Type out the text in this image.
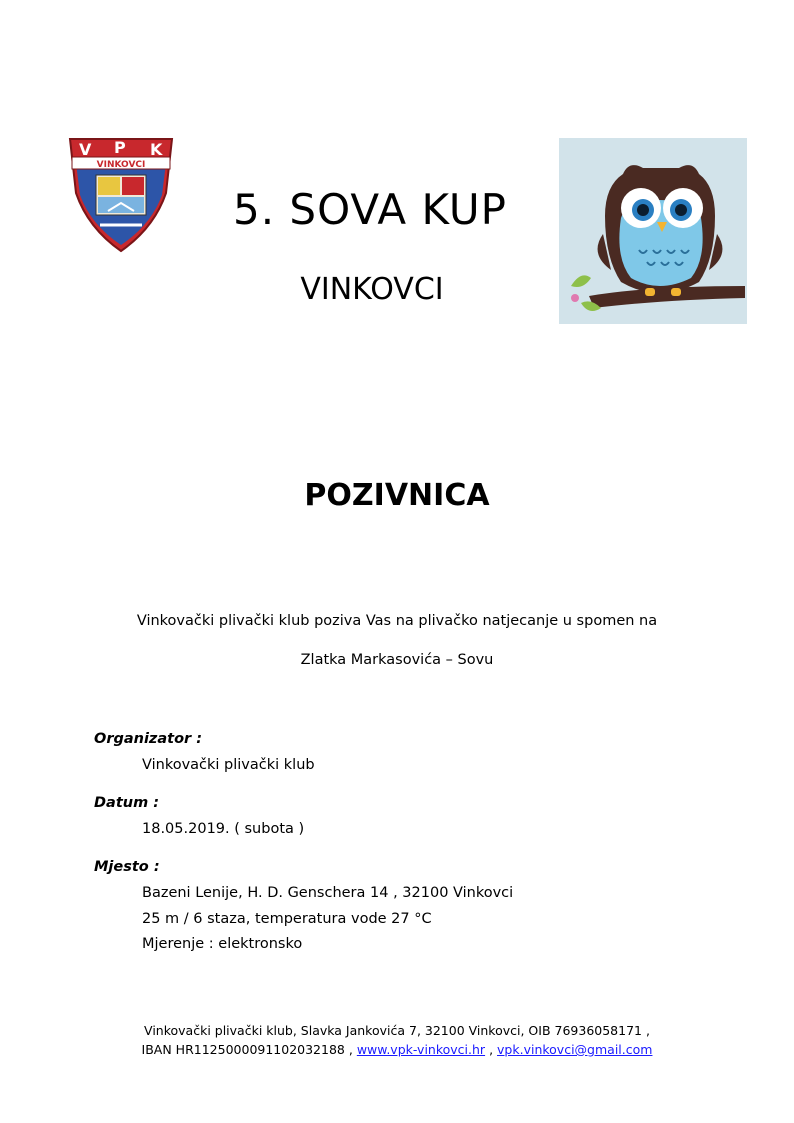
V P K
VINKOVCI
5. SOVA KUP
VINKOVCI
POZIVNICA
Vinkovački plivački klub poziva Vas na plivačko natjecanje u spomen na
Zlatka Markasovića – Sovu
Organizator :
Vinkovački plivački klub
Datum :
18.05.2019. ( subota )
Mjesto :
Bazeni Lenije, H. D. Genschera 14 , 32100 Vinkovci
25 m / 6 staza, temperatura vode 27 °C
Mjerenje : elektronsko
Vinkovački plivački klub, Slavka Jankovića 7, 32100 Vinkovci, OIB 76936058171 ,
IBAN HR1125000091102032188 , www.vpk-vinkovci.hr , vpk.vinkovci@gmail.com
